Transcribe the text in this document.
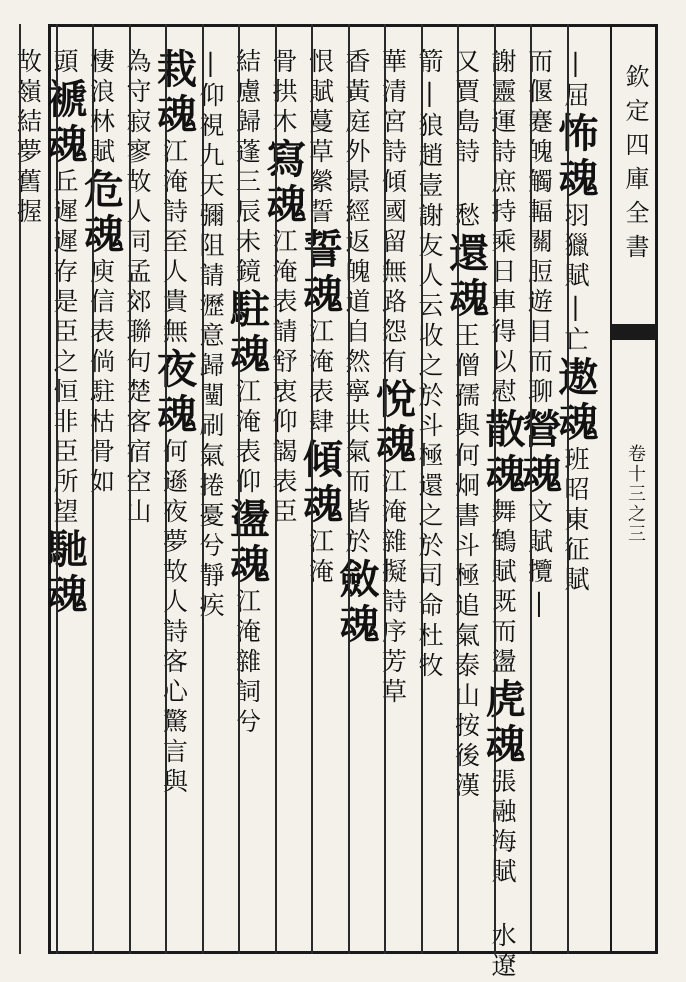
欽定四庫全書
卷十三之三
|屈怖魂羽獵賦|亡遨魂班昭東征賦
而偃蹇魄觸輻關脰遊目而聊營魂文賦攬|
謝靈運詩庶持乘日車得以慰散魂舞鶴賦既而盪虎魂張融海賦 水遼
又賈島詩 愁還魂王僧孺與何炯書斗極追氣泰山按後漢
箭|狼趙壹謝友人云收之於斗極還之於司命杜牧
華清宮詩傾國留無路怨有悅魂江淹雜擬詩序芳草
香黃庭外景經返魄道自然寧共氣而皆於斂魂
恨賦蔓草縈誓誓魂江淹表肆傾魂江淹
骨拱木寫魂江淹表請舒衷仰謁表臣
結慮歸蓬三辰未鏡駐魂江淹表仰盪魂江淹雜詞兮
|仰視九天彌阻請瀝意歸闉刷氣捲憂兮靜疾
栽魂江淹詩至人貴無夜魂何遜夜夢故人詩客心驚言與
為守寂寥故人同孟郊聯句楚客宿空山
棲浪林賦危魂庾信表倘駐枯骨如
頭褫魂丘遲遲存是臣之恒非臣所望馳魂
故嶺結夢舊握
